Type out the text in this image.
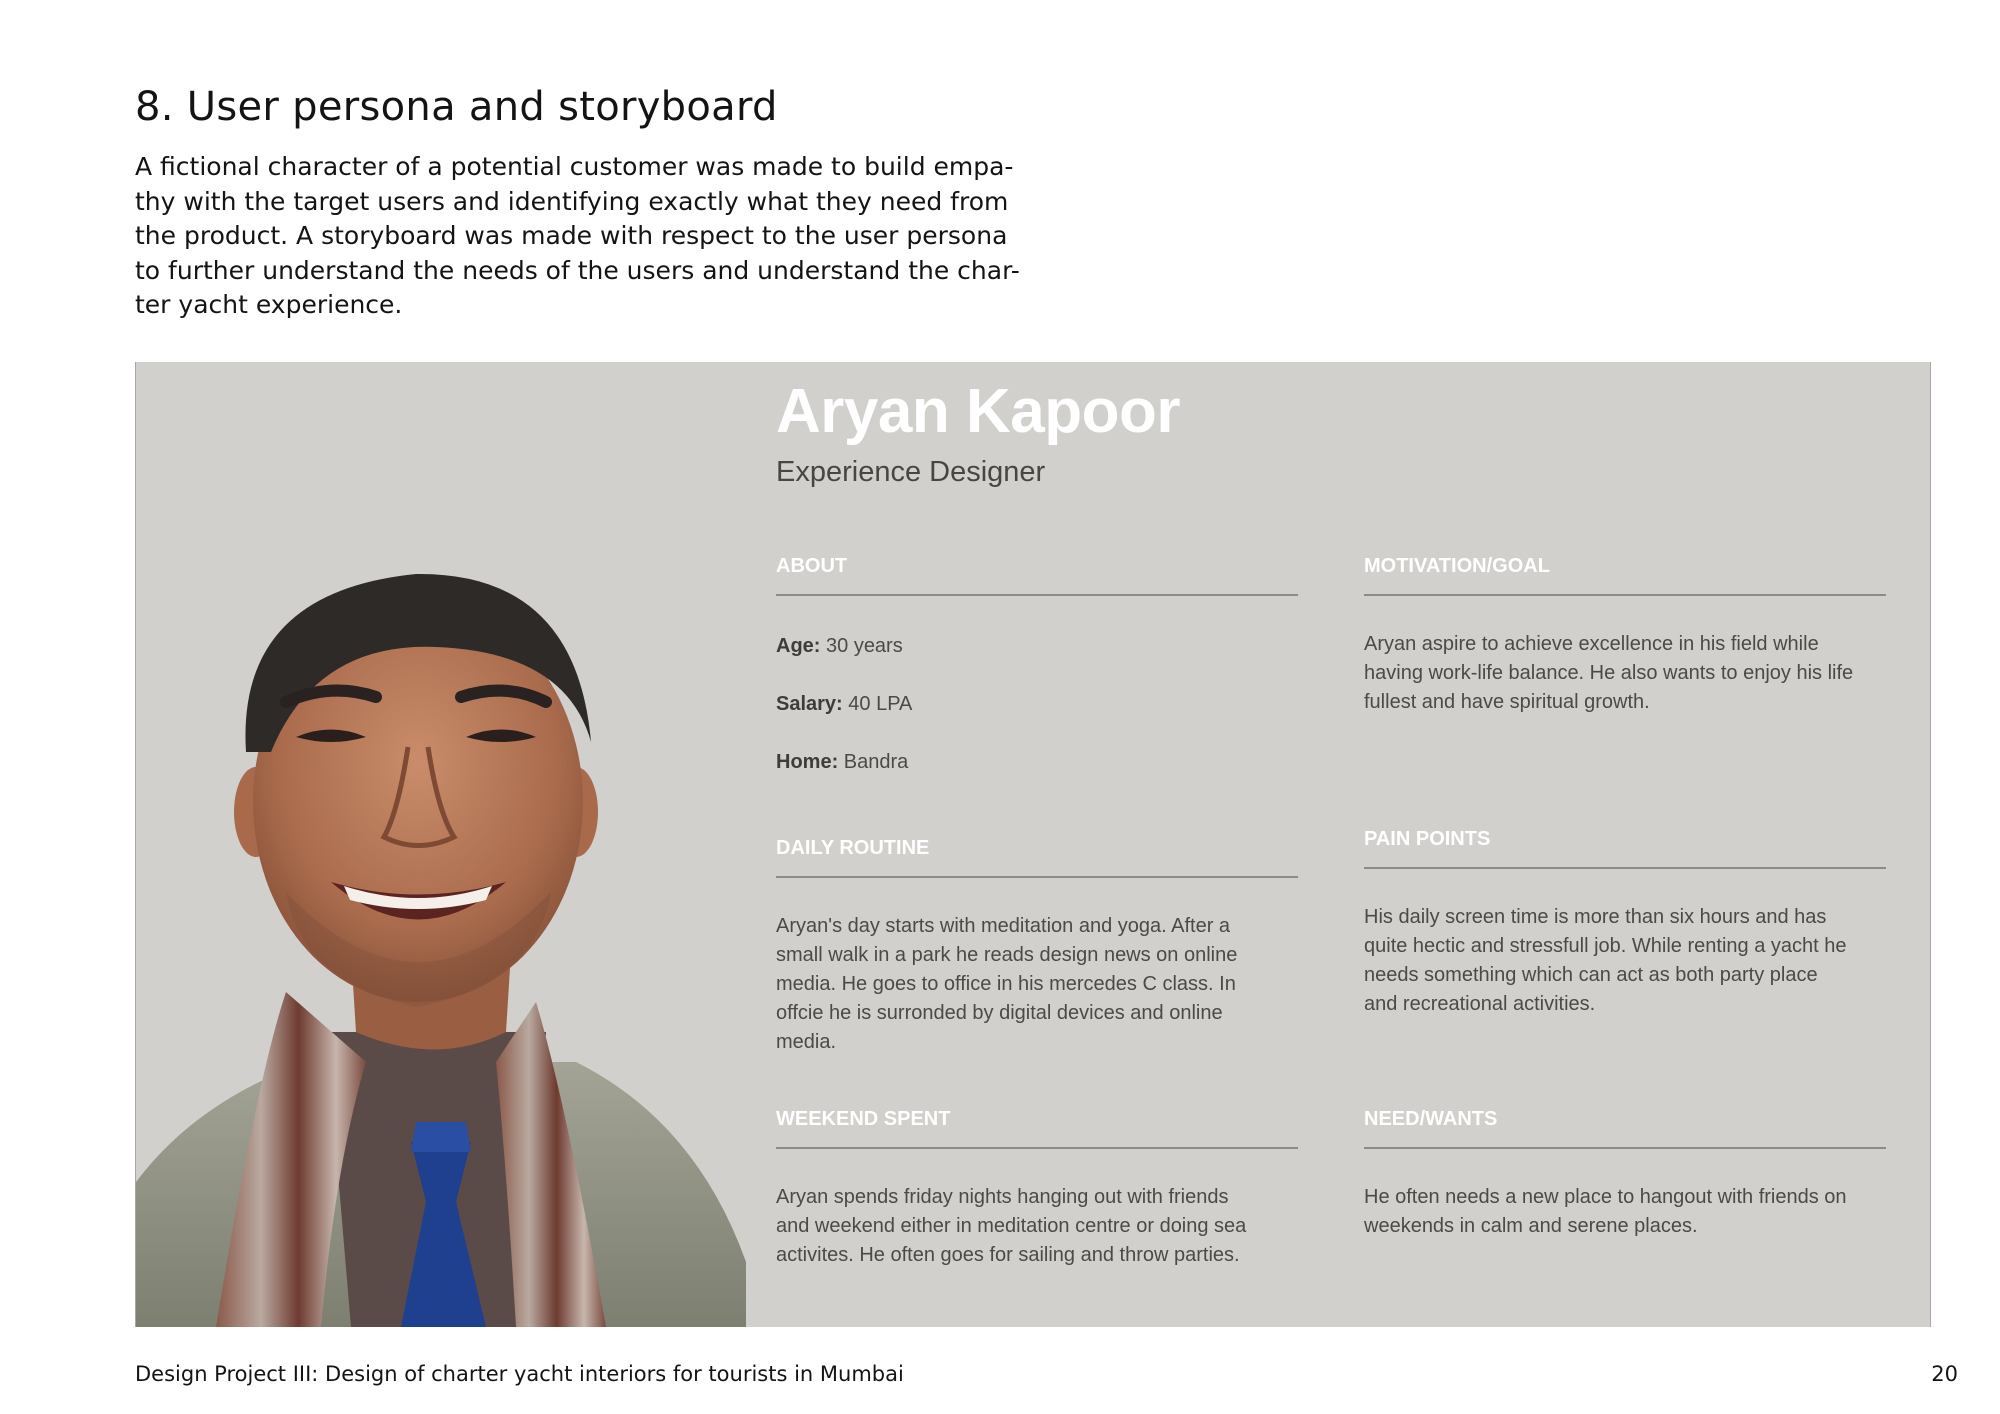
8. User persona and storyboard

A fictional character of a potential customer was made to build empa-
thy with the target users and identifying exactly what they need from
the product. A storyboard was made with respect to the user persona
to further understand the needs of the users and understand the char-
ter yacht experience.

Aryan Kapoor
Experience Designer
ABOUT
Age: 30 years
Salary: 40 LPA
Home: Bandra
MOTIVATION/GOAL
Aryan aspire to achieve excellence in his field while
having work-life balance. He also wants to enjoy his life
fullest and have spiritual growth.
DAILY ROUTINE
Aryan's day starts with meditation and yoga. After a
small walk in a park he reads design news on online
media. He goes to office in his mercedes C class. In
offcie he is surronded by digital devices and online
media.
PAIN POINTS
His daily screen time is more than six hours and has
quite hectic and stressfull job. While renting a yacht he
needs something which can act as both party place
and recreational activities.
WEEKEND SPENT
Aryan spends friday nights hanging out with friends
and weekend either in meditation centre or doing sea
activites. He often goes for sailing and throw parties.
NEED/WANTS
He often needs a new place to hangout with friends on
weekends in calm and serene places.
Design Project III: Design of charter yacht interiors for tourists in Mumbai	20
